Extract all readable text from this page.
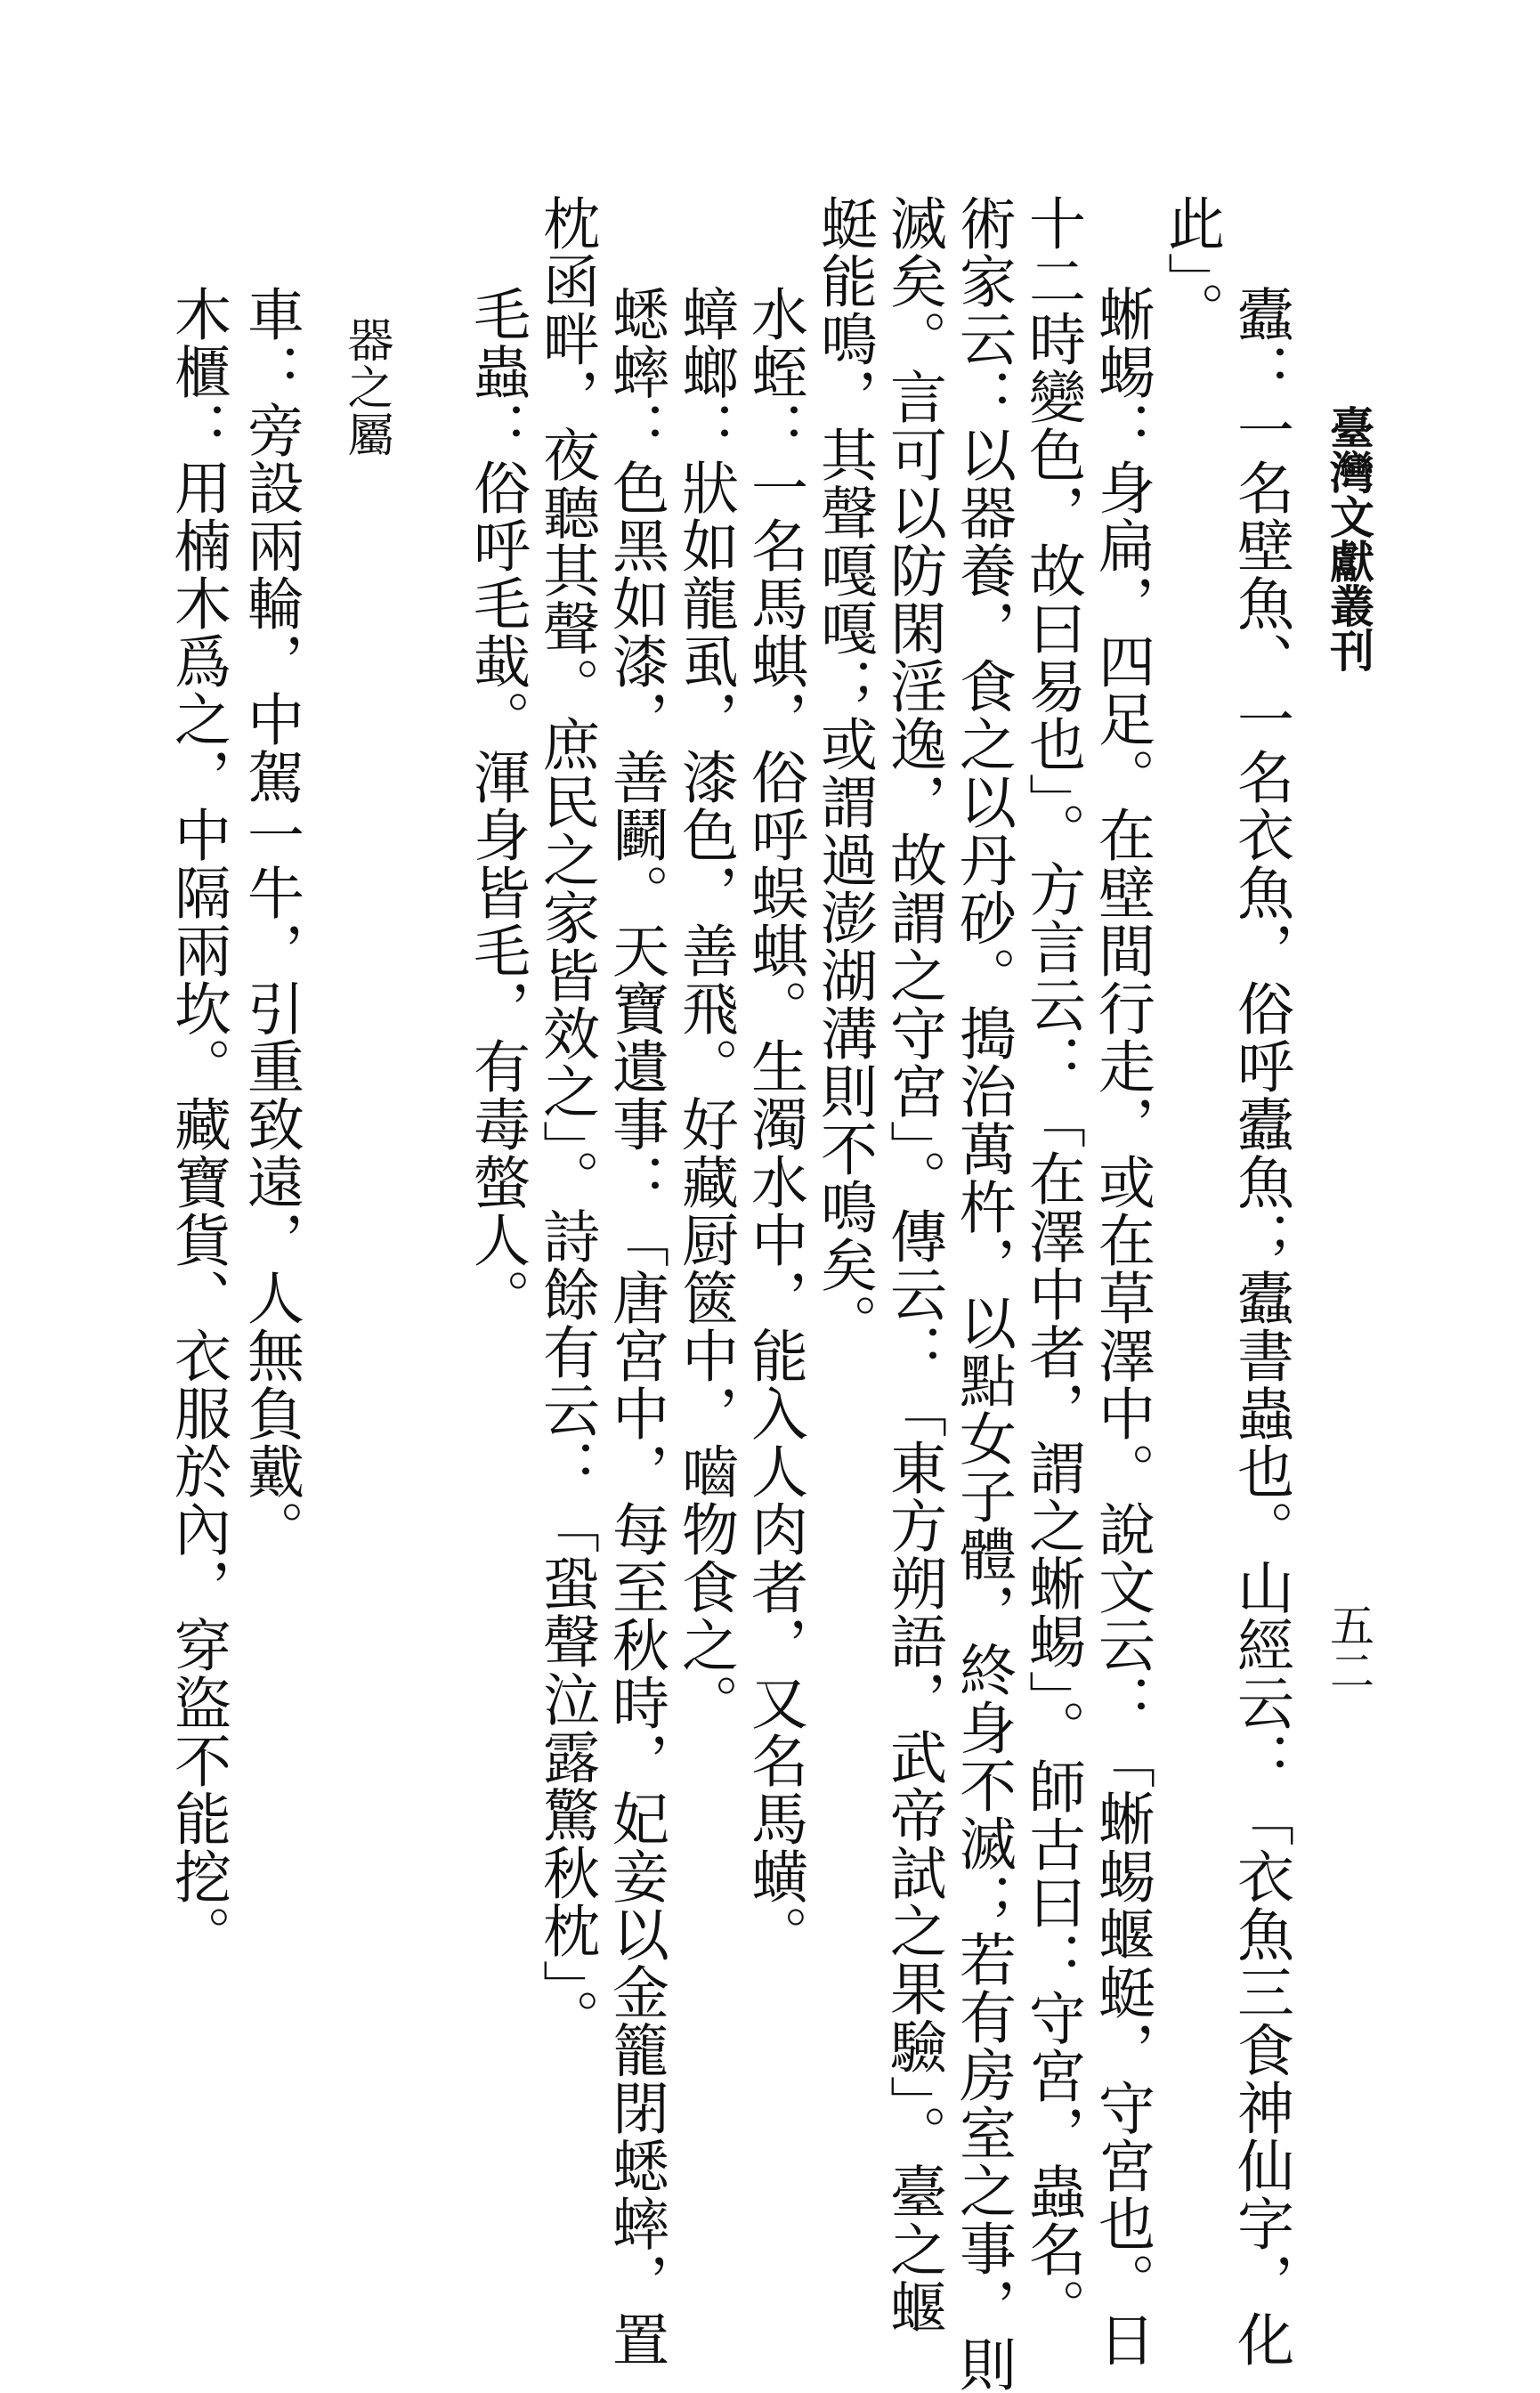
臺灣文獻叢刊
五二
蠹：一名壁魚、一名衣魚，俗呼蠹魚；蠹書蟲也。山經云：「衣魚三食神仙字，化
此」。
蜥蜴：身扁，四足。在壁間行走，或在草澤中。說文云：「蜥蜴蝘蜓，守宮也。日
十二時變色，故曰易也」。方言云：「在澤中者，謂之蜥蜴」。師古曰：守宮，蟲名。
術家云：以器養，食之以丹砂。搗治萬杵，以點女子體，終身不滅；若有房室之事，則
滅矣。言可以防閑淫逸，故謂之守宮」。傳云：「東方朔語，武帝試之果驗」。臺之蝘
蜓能鳴，其聲嘎嘎；或謂過澎湖溝則不鳴矣。
水蛭：一名馬蜞，俗呼蜈蜞。生濁水中，能入人肉者，又名馬蟥。
蟑螂：狀如龍虱，漆色，善飛。好藏厨篋中，嚙物食之。
蟋蟀：色黑如漆，善鬬。天寶遺事：「唐宮中，每至秋時，妃妾以金籠閉蟋蟀，置
枕函畔，夜聽其聲。庶民之家皆效之」。詩餘有云：「蛩聲泣露驚秋枕」。
毛蟲：俗呼毛蛓。渾身皆毛，有毒螫人。
器之屬
車：旁設兩輪，中駕一牛，引重致遠，人無負戴。
木櫃：用楠木爲之，中隔兩坎。藏寶貨、衣服於內，穿盜不能挖。
